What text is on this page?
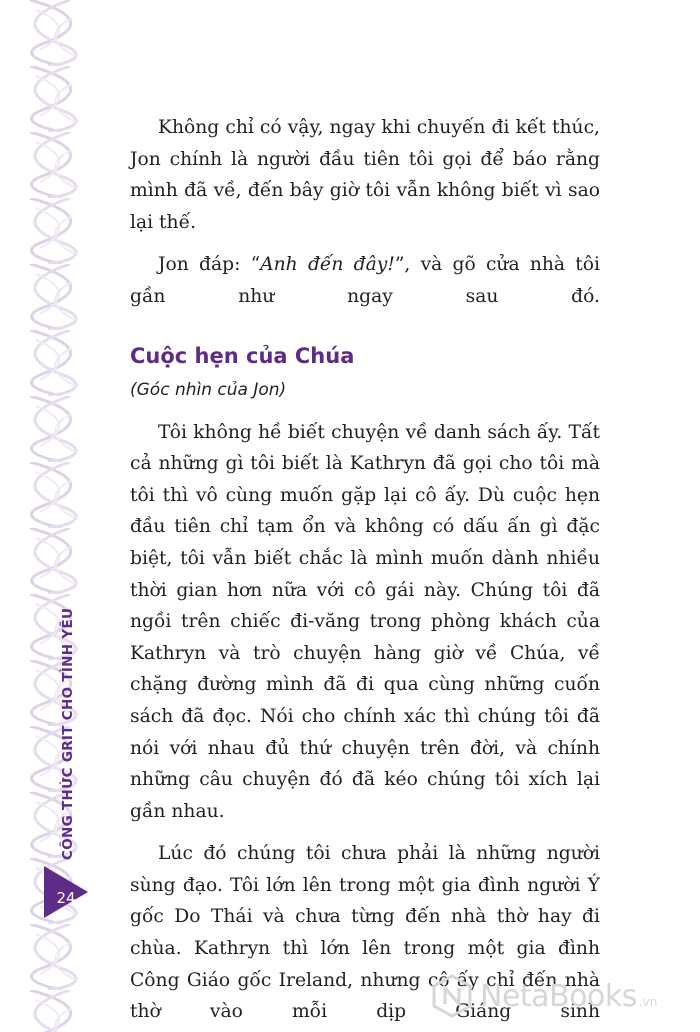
CÔNG THỨC GRIT CHO TÌNH YÊU
24

Không chỉ có vậy, ngay khi chuyến đi kết thúc, Jon chính là người đầu tiên tôi gọi để báo rằng mình đã về, đến bây giờ tôi vẫn không biết vì sao lại thế.

Jon đáp: “Anh đến đây!”, và gõ cửa nhà tôi gần như ngay sau đó.

Cuộc hẹn của Chúa
(Góc nhìn của Jon)

Tôi không hề biết chuyện về danh sách ấy. Tất cả những gì tôi biết là Kathryn đã gọi cho tôi mà tôi thì vô cùng muốn gặp lại cô ấy. Dù cuộc hẹn đầu tiên chỉ tạm ổn và không có dấu ấn gì đặc biệt, tôi vẫn biết chắc là mình muốn dành nhiều thời gian hơn nữa với cô gái này. Chúng tôi đã ngồi trên chiếc đi-văng trong phòng khách của Kathryn và trò chuyện hàng giờ về Chúa, về chặng đường mình đã đi qua cùng những cuốn sách đã đọc. Nói cho chính xác thì chúng tôi đã nói với nhau đủ thứ chuyện trên đời, và chính những câu chuyện đó đã kéo chúng tôi xích lại gần nhau.

Lúc đó chúng tôi chưa phải là những người sùng đạo. Tôi lớn lên trong một gia đình người Ý gốc Do Thái và chưa từng đến nhà thờ hay đi chùa. Kathryn thì lớn lên trong một gia đình Công Giáo gốc Ireland, nhưng cô ấy chỉ đến nhà thờ vào mỗi dịp Giáng sinh

NetaBooks .vn
